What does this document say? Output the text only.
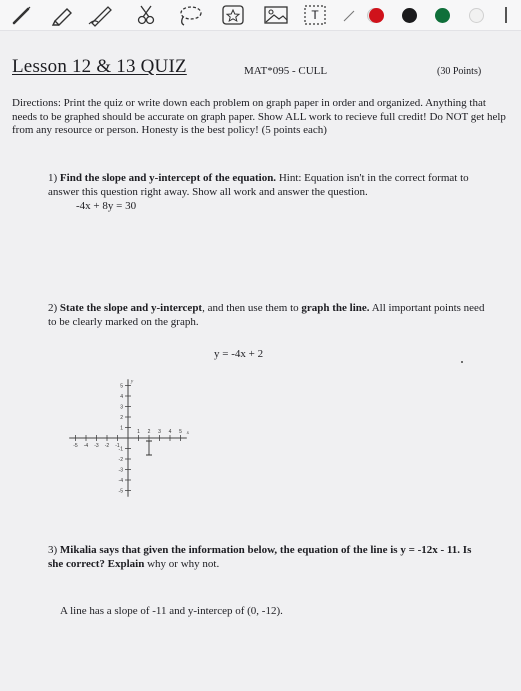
T
Lesson 12 & 13 QUIZ	MAT*095 - CULL	(30 Points)
Directions: Print the quiz or write down each problem on graph paper in order and organized. Anything that needs to be graphed should be accurate on graph paper. Show ALL work to recieve full credit! Do NOT get help from any resource or person. Honesty is the best policy! (5 points each)
1) Find the slope and y-intercept of the equation. Hint: Equation isn't in the correct format to answer this question right away. Show all work and answer the question.
-4x + 8y = 30
2) State the slope and y-intercept, and then use them to graph the line. All important points need to be clearly marked on the graph.
y = -4x + 2
5
4
3
2
1
-1
-2
-3
-4
-5
-5 -4 -3 -2 -1
1 2 3 4 5
y
x
3) Mikalia says that given the information below, the equation of the line is y = -12x - 11. Is she correct? Explain why or why not.
A line has a slope of -11 and y-intercep of (0, -12).
